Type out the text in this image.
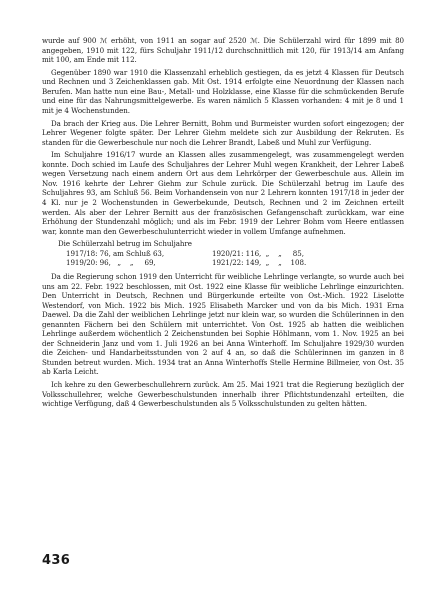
wurde auf 900 ℳ erhöht, von 1911 an sogar auf 2520 ℳ. Die Schülerzahl wird für 1899 mit 80 angegeben, 1910 mit 122, fürs Schuljahr 1911/12 durchschnittlich mit 120, für 1913/14 am Anfang mit 100, am Ende mit 112.

Gegenüber 1890 war 1910 die Klassenzahl erheblich gestiegen, da es jetzt 4 Klassen für Deutsch und Rechnen und 3 Zeichenklassen gab. Mit Ost. 1914 erfolgte eine Neuordnung der Klassen nach Berufen. Man hatte nun eine Bau-, Metall- und Holzklasse, eine Klasse für die schmückenden Berufe und eine für das Nahrungsmittelgewerbe. Es waren nämlich 5 Klassen vorhanden: 4 mit je 8 und 1 mit je 4 Wochenstunden.

Da brach der Krieg aus. Die Lehrer Bernitt, Bohm und Burmeister wurden sofort eingezogen; der Lehrer Wegener folgte später. Der Lehrer Giehm meldete sich zur Ausbildung der Rekruten. Es standen für die Gewerbeschule nur noch die Lehrer Brandt, Labeß und Muhl zur Verfügung.

Im Schuljahre 1916/17 wurde an Klassen alles zusammengelegt, was zusammengelegt werden konnte. Doch schied im Laufe des Schuljahres der Lehrer Muhl wegen Krankheit, der Lehrer Labeß wegen Versetzung nach einem andern Ort aus dem Lehrkörper der Gewerbeschule aus. Allein im Nov. 1916 kehrte der Lehrer Giehm zur Schule zurück. Die Schülerzahl betrug im Laufe des Schuljahres 93, am Schluß 56. Beim Vorhandensein von nur 2 Lehrern konnten 1917/18 in jeder der 4 Kl. nur je 2 Wochenstunden in Gewerbekunde, Deutsch, Rechnen und 2 im Zeichnen erteilt werden. Als aber der Lehrer Bernitt aus der französischen Gefangenschaft zurückkam, war eine Erhöhung der Stundenzahl möglich; und als im Febr. 1919 der Lehrer Bohm vom Heere entlassen war, konnte man den Gewerbeschulunterricht wieder in vollem Umfange aufnehmen.

Die Schülerzahl betrug im Schuljahre
1917/18: 76, am Schluß 63,	1920/21: 116,  „    „     85,
1919/20: 96,   „    „     69,	1921/22: 149,  „    „    108.

Da die Regierung schon 1919 den Unterricht für weibliche Lehrlinge verlangte, so wurde auch bei uns am 22. Febr. 1922 beschlossen, mit Ost. 1922 eine Klasse für weibliche Lehrlinge einzurichten. Den Unterricht in Deutsch, Rechnen und Bürgerkunde erteilte von Ost.-Mich. 1922 Liselotte Westendorf, von Mich. 1922 bis Mich. 1925 Elisabeth Marcker und von da bis Mich. 1931 Erna Daewel. Da die Zahl der weiblichen Lehrlinge jetzt nur klein war, so wurden die Schülerinnen in den genannten Fächern bei den Schülern mit unterrichtet. Von Ost. 1925 ab hatten die weiblichen Lehrlinge außerdem wöchentlich 2 Zeichenstunden bei Sophie Höhlmann, vom 1. Nov. 1925 an bei der Schneiderin Janz und vom 1. Juli 1926 an bei Anna Winterhoff. Im Schuljahre 1929/30 wurden die Zeichen- und Handarbeitsstunden von 2 auf 4 an, so daß die Schülerinnen im ganzen in 8 Stunden betreut wurden. Mich. 1934 trat an Anna Winterhoffs Stelle Hermine Billmeier, von Ost. 35 ab Karla Leicht.

Ich kehre zu den Gewerbeschullehrern zurück. Am 25. Mai 1921 trat die Regierung bezüglich der Volksschullehrer, welche Gewerbeschulstunden innerhalb ihrer Pflichtstundenzahl erteilten, die wichtige Verfügung, daß 4 Gewerbeschulstunden als 5 Volksschulstunden zu gelten hätten.

436
